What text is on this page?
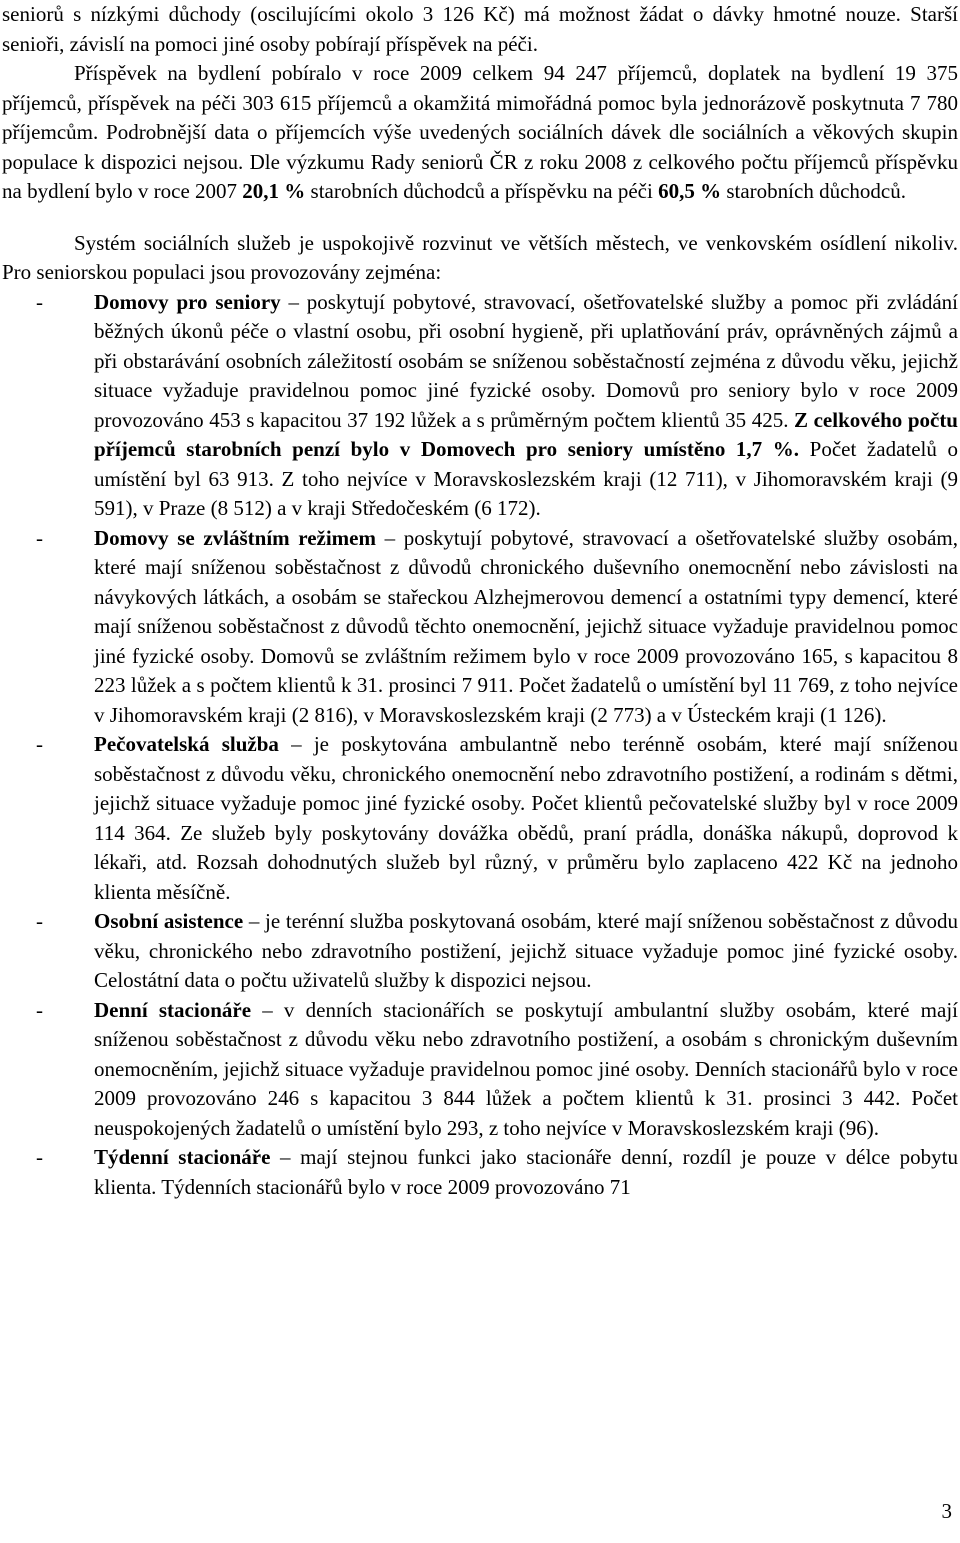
seniorů s nízkými důchody (oscilujícími okolo 3 126 Kč) má možnost žádat o dávky hmotné nouze. Starší senioři, závislí na pomoci jiné osoby pobírají příspěvek na péči.

Příspěvek na bydlení pobíralo v roce 2009 celkem 94 247 příjemců, doplatek na bydlení 19 375 příjemců, příspěvek na péči 303 615 příjemců a okamžitá mimořádná pomoc byla jednorázově poskytnuta 7 780 příjemcům. Podrobnější data o příjemcích výše uvedených sociálních dávek dle sociálních a věkových skupin populace k dispozici nejsou. Dle výzkumu Rady seniorů ČR z roku 2008 z celkového počtu příjemců příspěvku na bydlení bylo v roce 2007 20,1 % starobních důchodců a příspěvku na péči 60,5 % starobních důchodců.

Systém sociálních služeb je uspokojivě rozvinut ve větších městech, ve venkovském osídlení nikoliv. Pro seniorskou populaci jsou provozovány zejména:

- Domovy pro seniory – poskytují pobytové, stravovací, ošetřovatelské služby a pomoc při zvládání běžných úkonů péče o vlastní osobu, při osobní hygieně, při uplatňování práv, oprávněných zájmů a při obstarávání osobních záležitostí osobám se sníženou soběstačností zejména z důvodu věku, jejichž situace vyžaduje pravidelnou pomoc jiné fyzické osoby. Domovů pro seniory bylo v roce 2009 provozováno 453 s kapacitou 37 192 lůžek a s průměrným počtem klientů 35 425. Z celkového počtu příjemců starobních penzí bylo v Domovech pro seniory umístěno 1,7 %. Počet žadatelů o umístění byl 63 913. Z toho nejvíce v Moravskoslezském kraji (12 711), v Jihomoravském kraji (9 591), v Praze (8 512) a v kraji Středočeském (6 172).
- Domovy se zvláštním režimem – poskytují pobytové, stravovací a ošetřovatelské služby osobám, které mají sníženou soběstačnost z důvodů chronického duševního onemocnění nebo závislosti na návykových látkách, a osobám se stařeckou Alzhejmerovou demencí a ostatními typy demencí, které mají sníženou soběstačnost z důvodů těchto onemocnění, jejichž situace vyžaduje pravidelnou pomoc jiné fyzické osoby. Domovů se zvláštním režimem bylo v roce 2009 provozováno 165, s kapacitou 8 223 lůžek a s počtem klientů k 31. prosinci 7 911. Počet žadatelů o umístění byl 11 769, z toho nejvíce v Jihomoravském kraji (2 816), v Moravskoslezském kraji (2 773) a v Ústeckém kraji (1 126).
- Pečovatelská služba – je poskytována ambulantně nebo terénně osobám, které mají sníženou soběstačnost z důvodu věku, chronického onemocnění nebo zdravotního postižení, a rodinám s dětmi, jejichž situace vyžaduje pomoc jiné fyzické osoby. Počet klientů pečovatelské služby byl v roce 2009 114 364. Ze služeb byly poskytovány dovážka obědů, praní prádla, donáška nákupů, doprovod k lékaři, atd. Rozsah dohodnutých služeb byl různý, v průměru bylo zaplaceno 422 Kč na jednoho klienta měsíčně.
- Osobní asistence – je terénní služba poskytovaná osobám, které mají sníženou soběstačnost z důvodu věku, chronického nebo zdravotního postižení, jejichž situace vyžaduje pomoc jiné fyzické osoby. Celostátní data o počtu uživatelů služby k dispozici nejsou.
- Denní stacionáře – v denních stacionářích se poskytují ambulantní služby osobám, které mají sníženou soběstačnost z důvodu věku nebo zdravotního postižení, a osobám s chronickým duševním onemocněním, jejichž situace vyžaduje pravidelnou pomoc jiné osoby. Denních stacionářů bylo v roce 2009 provozováno 246 s kapacitou 3 844 lůžek a počtem klientů k 31. prosinci 3 442. Počet neuspokojených žadatelů o umístění bylo 293, z toho nejvíce v Moravskoslezském kraji (96).
- Týdenní stacionáře – mají stejnou funkci jako stacionáře denní, rozdíl je pouze v délce pobytu klienta. Týdenních stacionářů bylo v roce 2009 provozováno 71
3
